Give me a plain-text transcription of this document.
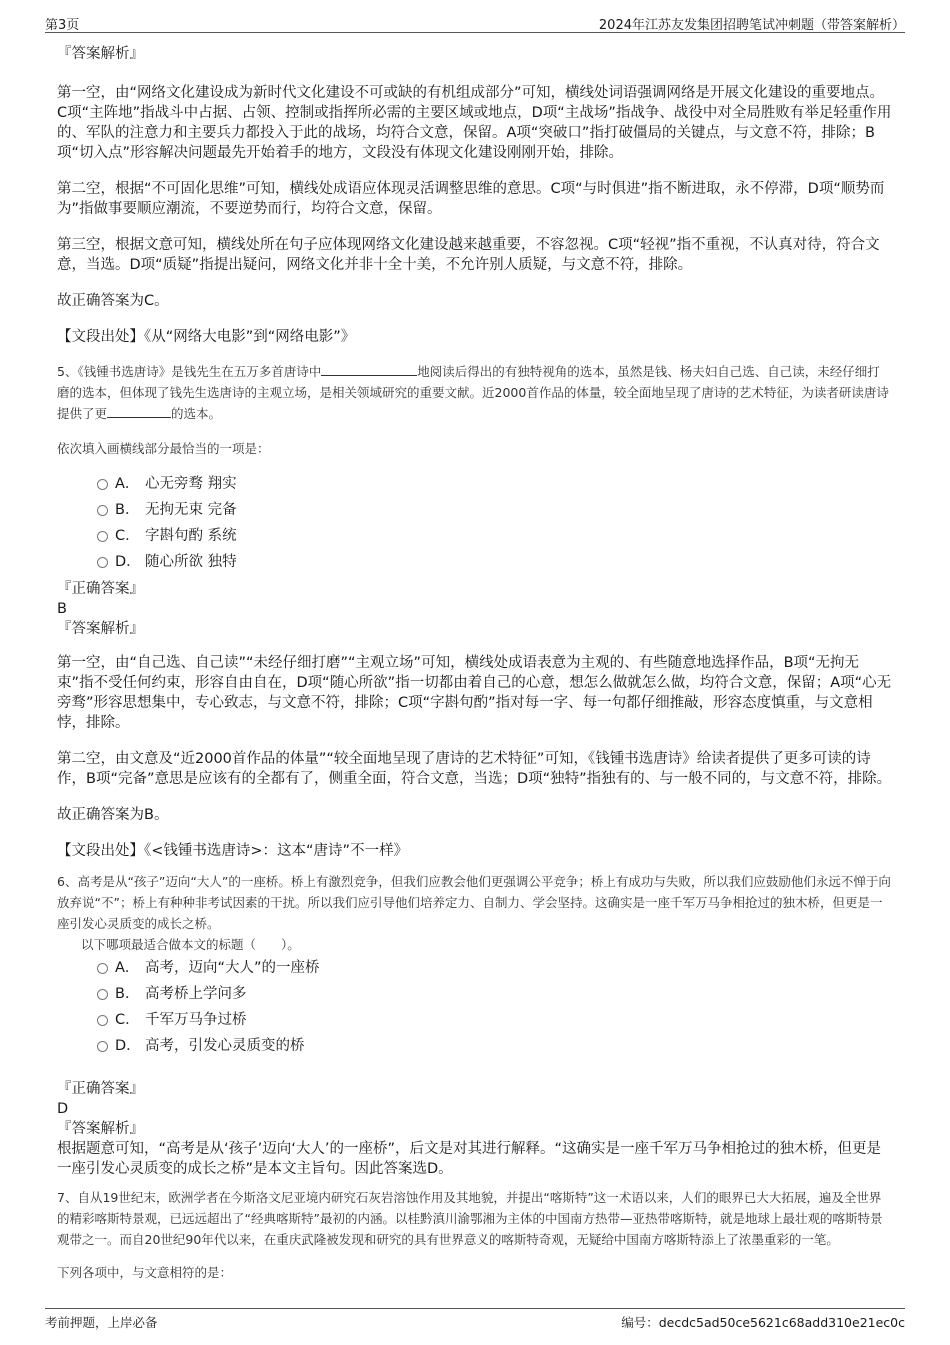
第3页	2024年江苏友发集团招聘笔试冲刺题（带答案解析）

『答案解析』

第一空，由“网络文化建设成为新时代文化建设不可或缺的有机组成部分”可知，横线处词语强调网络是开展文化建设的重要地点。C项“主阵地”指战斗中占据、占领、控制或指挥所必需的主要区域或地点，D项“主战场”指战争、战役中对全局胜败有举足轻重作用的、军队的注意力和主要兵力都投入于此的战场，均符合文意，保留。A项“突破口”指打破僵局的关键点，与文意不符，排除；B项“切入点”形容解决问题最先开始着手的地方，文段没有体现文化建设刚刚开始，排除。

第二空，根据“不可固化思维”可知，横线处成语应体现灵活调整思维的意思。C项“与时俱进”指不断进取，永不停滞，D项“顺势而为”指做事要顺应潮流，不要逆势而行，均符合文意，保留。

第三空，根据文意可知，横线处所在句子应体现网络文化建设越来越重要，不容忽视。C项“轻视”指不重视，不认真对待，符合文意，当选。D项“质疑”指提出疑问，网络文化并非十全十美，不允许别人质疑，与文意不符，排除。

故正确答案为C。

【文段出处】《从“网络大电影”到“网络电影”》

5、《钱锺书选唐诗》是钱先生在五万多首唐诗中	地阅读后得出的有独特视角的选本，虽然是钱、杨夫妇自己选、自己读，未经仔细打磨的选本，但体现了钱先生选唐诗的主观立场，是相关领域研究的重要文献。近2000首作品的体量，较全面地呈现了唐诗的艺术特征，为读者研读唐诗提供了更	的选本。

依次填入画横线部分最恰当的一项是：

A． 心无旁骛 翔实
B． 无拘无束 完备
C． 字斟句酌 系统
D． 随心所欲 独特

『正确答案』

B

『答案解析』

第一空，由“自己选、自己读”“未经仔细打磨”“主观立场”可知，横线处成语表意为主观的、有些随意地选择作品，B项“无拘无束”指不受任何约束，形容自由自在，D项“随心所欲”指一切都由着自己的心意，想怎么做就怎么做，均符合文意，保留；A项“心无旁骛”形容思想集中，专心致志，与文意不符，排除；C项“字斟句酌”指对每一字、每一句都仔细推敲，形容态度慎重，与文意相悖，排除。

第二空，由文意及“近2000首作品的体量”“较全面地呈现了唐诗的艺术特征”可知，《钱锺书选唐诗》给读者提供了更多可读的诗作，B项“完备”意思是应该有的全都有了，侧重全面，符合文意，当选；D项“独特”指独有的、与一般不同的，与文意不符，排除。

故正确答案为B。

【文段出处】《<钱锺书选唐诗>：这本“唐诗”不一样》

6、高考是从“孩子”迈向“大人”的一座桥。桥上有激烈竞争，但我们应教会他们更强调公平竞争；桥上有成功与失败，所以我们应鼓励他们永远不惮于向放弃说“不”；桥上有种种非考试因素的干扰。所以我们应引导他们培养定力、自制力、学会坚持。这确实是一座千军万马争相抢过的独木桥，但更是一座引发心灵质变的成长之桥。

以下哪项最适合做本文的标题（　　）。

A． 高考，迈向“大人”的一座桥
B． 高考桥上学问多
C． 千军万马争过桥
D． 高考，引发心灵质变的桥

『正确答案』

D

『答案解析』

根据题意可知，“高考是从‘孩子’迈向‘大人’的一座桥”，后文是对其进行解释。“这确实是一座千军万马争相抢过的独木桥，但更是一座引发心灵质变的成长之桥”是本文主旨句。因此答案选D。

7、自从19世纪末，欧洲学者在今斯洛文尼亚境内研究石灰岩溶蚀作用及其地貌，并提出“喀斯特”这一术语以来，人们的眼界已大大拓展，遍及全世界的精彩喀斯特景观，已远远超出了“经典喀斯特”最初的内涵。以桂黔滇川渝鄂湘为主体的中国南方热带—亚热带喀斯特，就是地球上最壮观的喀斯特景观带之一。而自20世纪90年代以来，在重庆武隆被发现和研究的具有世界意义的喀斯特奇观，无疑给中国南方喀斯特添上了浓墨重彩的一笔。

下列各项中，与文意相符的是：

考前押题，上岸必备	编号：decdc5ad50ce5621c68add310e21ec0c
